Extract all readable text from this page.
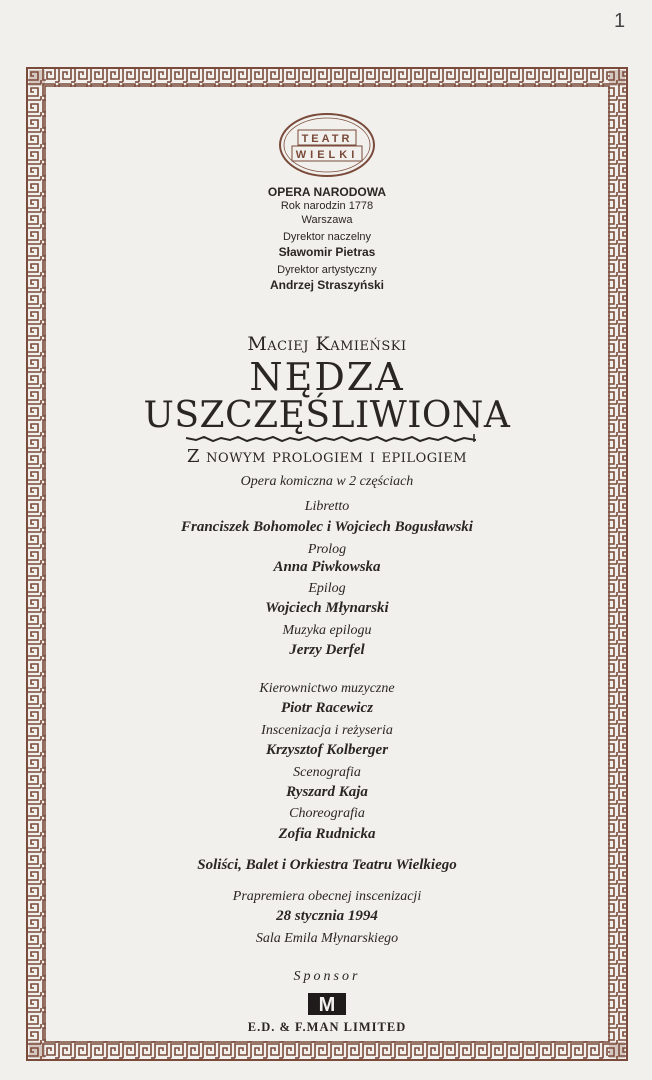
1
TEATR
WIELKI
OPERA NARODOWA
Rok narodzin 1778
Warszawa
Dyrektor naczelny
Sławomir Pietras
Dyrektor artystyczny
Andrzej Straszyński
Maciej Kamieński
NĘDZA
USZCZĘŚLIWIONA
Z nowym prologiem i epilogiem
Opera komiczna w 2 częściach
Libretto
Franciszek Bohomolec i Wojciech Bogusławski
Prolog
Anna Piwkowska
Epilog
Wojciech Młynarski
Muzyka epilogu
Jerzy Derfel
Kierownictwo muzyczne
Piotr Racewicz
Inscenizacja i reżyseria
Krzysztof Kolberger
Scenografia
Ryszard Kaja
Choreografia
Zofia Rudnicka
Soliści, Balet i Orkiestra Teatru Wielkiego
Prapremiera obecnej inscenizacji
28 stycznia 1994
Sala Emila Młynarskiego
Sponsor
M
E.D. & F.MAN LIMITED
